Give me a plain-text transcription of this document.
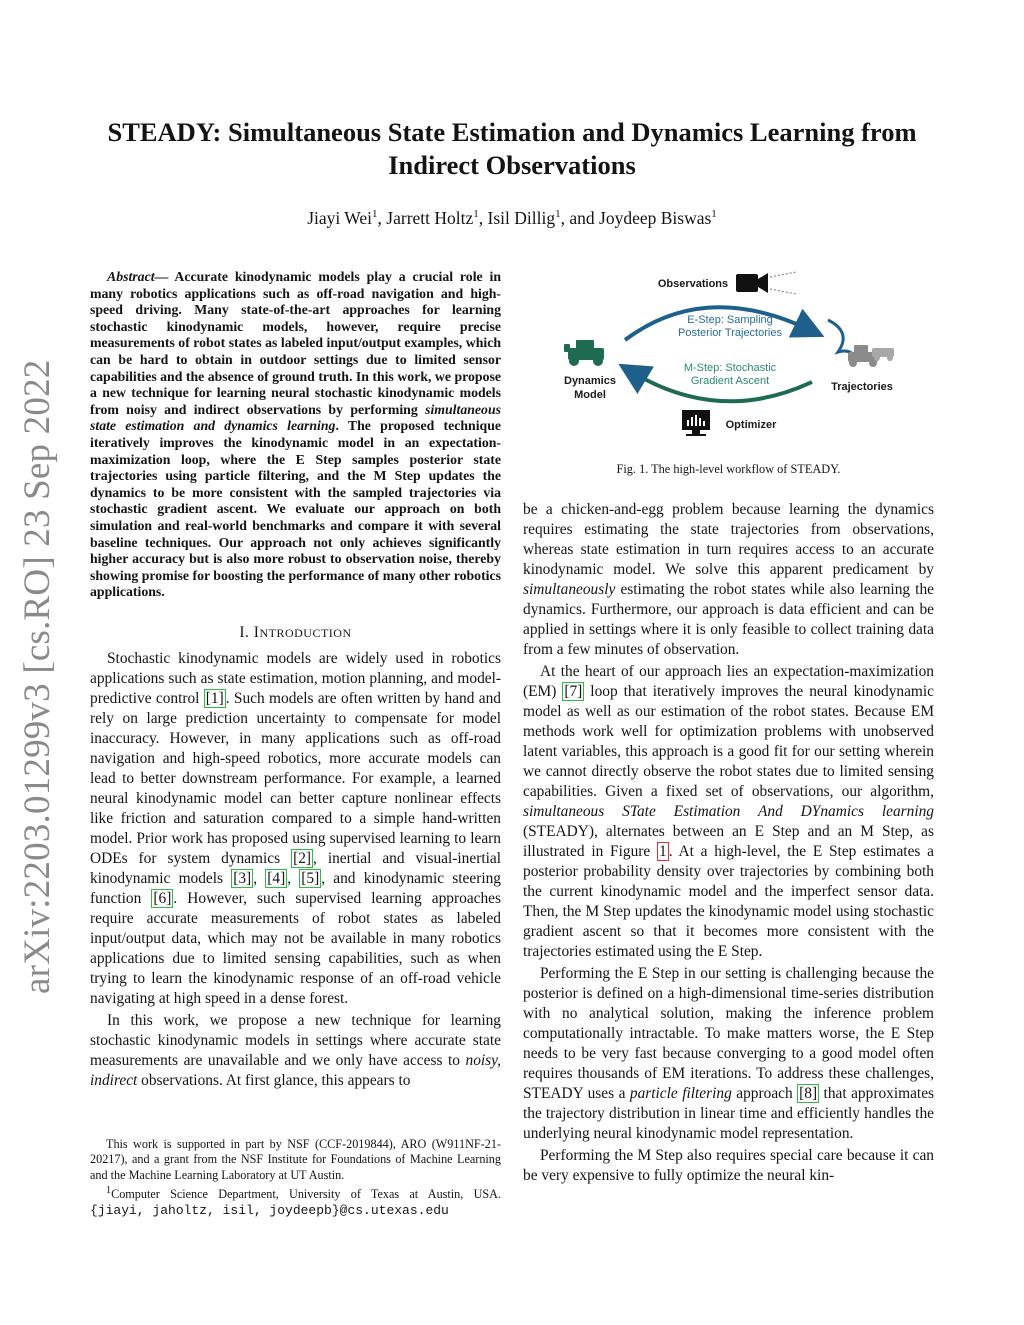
STEADY: Simultaneous State Estimation and Dynamics Learning from Indirect Observations
Jiayi Wei$^1$, Jarrett Holtz$^1$, Isil Dillig$^1$, and Joydeep Biswas$^1$
arXiv:2203.01299v3 [cs.RO] 23 Sep 2022
Abstract— Accurate kinodynamic models play a crucial role in many robotics applications such as off-road navigation and high-speed driving. Many state-of-the-art approaches for learning stochastic kinodynamic models, however, require precise measurements of robot states as labeled input/output examples, which can be hard to obtain in outdoor settings due to limited sensor capabilities and the absence of ground truth. In this work, we propose a new technique for learning neural stochastic kinodynamic models from noisy and indirect observations by performing simultaneous state estimation and dynamics learning. The proposed technique iteratively improves the kinodynamic model in an expectation-maximization loop, where the E Step samples posterior state trajectories using particle filtering, and the M Step updates the dynamics to be more consistent with the sampled trajectories via stochastic gradient ascent. We evaluate our approach on both simulation and real-world benchmarks and compare it with several baseline techniques. Our approach not only achieves significantly higher accuracy but is also more robust to observation noise, thereby showing promise for boosting the performance of many other robotics applications.
I. INTRODUCTION

Stochastic kinodynamic models are widely used in robotics applications such as state estimation, motion planning, and model-predictive control [1] . Such models are often written by hand and rely on large prediction uncertainty to compensate for model inaccuracy. However, in many applications such as off-road navigation and high-speed robotics, more accurate models can lead to better downstream performance. For example, a learned neural kinodynamic model can better capture nonlinear effects like friction and saturation compared to a simple hand-written model. Prior work has proposed using supervised learning to learn ODEs for system dynamics [2] , inertial and visual-inertial kinodynamic models [3] , [4] , [5] , and kinodynamic steering function [6] . However, such supervised learning approaches require accurate measurements of robot states as labeled input/output data, which may not be available in many robotics applications due to limited sensing capabilities, such as when trying to learn the kinodynamic response of an off-road vehicle navigating at high speed in a dense forest.

In this work, we propose a new technique for learning stochastic kinodynamic models in settings where accurate state measurements are unavailable and we only have access to noisy, indirect observations. At first glance, this appears to

This work is supported in part by NSF (CCF-2019844), ARO (W911NF-21-20217), and a grant from the NSF Institute for Foundations of Machine Learning and the Machine Learning Laboratory at UT Austin.

$^1$Computer Science Department, University of Texas at Austin, USA. {jiayi, jaholtz, isil, joydeepb}@cs.utexas.edu

Observations
E-Step: Sampling
Posterior Trajectories
M-Step: Stochastic
Gradient Ascent
Dynamics
Model
Trajectories
Optimizer
Fig. 1. The high-level workflow of STEADY.

be a chicken-and-egg problem because learning the dynamics requires estimating the state trajectories from observations, whereas state estimation in turn requires access to an accurate kinodynamic model. We solve this apparent predicament by simultaneously estimating the robot states while also learning the dynamics. Furthermore, our approach is data efficient and can be applied in settings where it is only feasible to collect training data from a few minutes of observation.

At the heart of our approach lies an expectation-maximization (EM) [7] loop that iteratively improves the neural kinodynamic model as well as our estimation of the robot states. Because EM methods work well for optimization problems with unobserved latent variables, this approach is a good fit for our setting wherein we cannot directly observe the robot states due to limited sensing capabilities. Given a fixed set of observations, our algorithm, simultaneous STate Estimation And DYnamics learning (STEADY), alternates between an E Step and an M Step, as illustrated in Figure 1 . At a high-level, the E Step estimates a posterior probability density over trajectories by combining both the current kinodynamic model and the imperfect sensor data. Then, the M Step updates the kinodynamic model using stochastic gradient ascent so that it becomes more consistent with the trajectories estimated using the E Step.

Performing the E Step in our setting is challenging because the posterior is defined on a high-dimensional time-series distribution with no analytical solution, making the inference problem computationally intractable. To make matters worse, the E Step needs to be very fast because converging to a good model often requires thousands of EM iterations. To address these challenges, STEADY uses a particle filtering approach [8] that approximates the trajectory distribution in linear time and efficiently handles the underlying neural kinodynamic model representation.

Performing the M Step also requires special care because it can be very expensive to fully optimize the neural kin-
